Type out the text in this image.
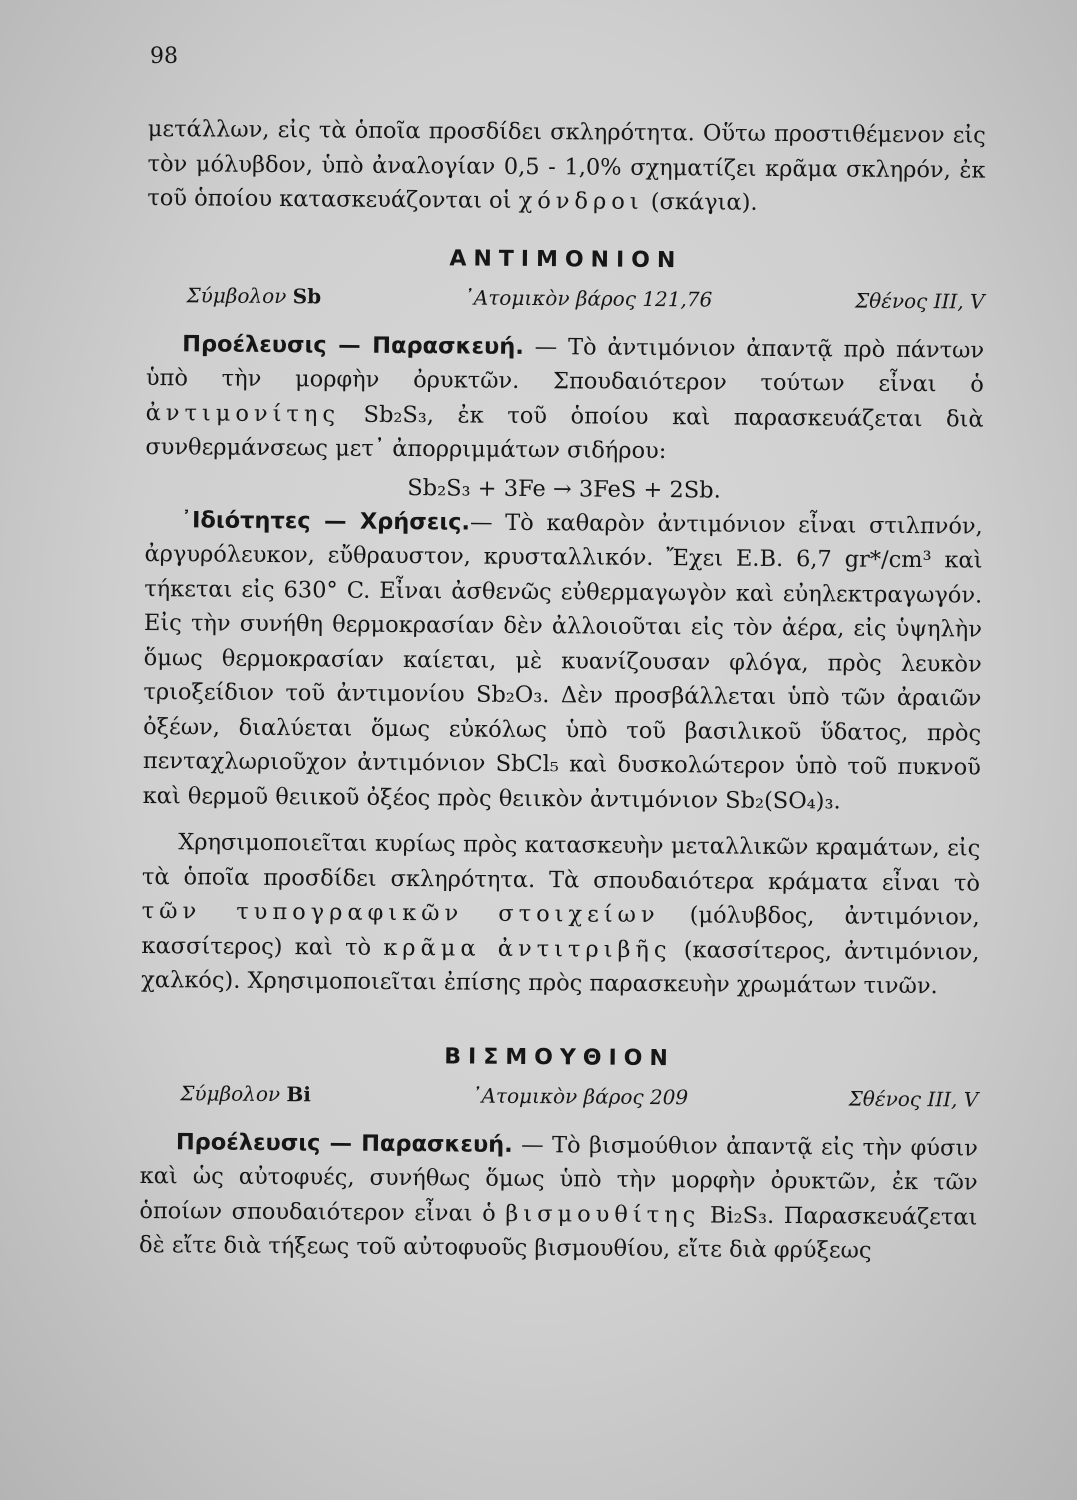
98

μετάλλων, εἰς τὰ ὁποῖα προσδίδει σκληρότητα. Οὕτω προστιθέμενον εἰς τὸν μόλυβδον, ὑπὸ ἀναλογίαν 0,5 - 1,0% σχηματίζει κρᾶμα σκληρόν, ἐκ τοῦ ὁποίου κατασκευάζονται οἱ χόνδροι (σκάγια).

ΑΝΤΙΜΟΝΙΟΝ
Σύμβολον Sb	᾿Ατομικὸν βάρος 121,76	Σθένος III, V

Προέλευσις — Παρασκευή. — Τὸ ἀντιμόνιον ἀπαντᾷ πρὸ πάντων ὑπὸ τὴν μορφὴν ὀρυκτῶν. Σπουδαιότερον τούτων εἶναι ὁ ἀντιμονίτης Sb₂S₃, ἐκ τοῦ ὁποίου καὶ παρασκευάζεται διὰ συνθερμάνσεως μετ᾽ ἀπορριμμάτων σιδήρου:

Sb₂S₃ + 3Fe → 3FeS + 2Sb.

᾿Ιδιότητες — Χρήσεις.— Τὸ καθαρὸν ἀντιμόνιον εἶναι στιλπνόν, ἀργυρόλευκον, εὔθραυστον, κρυσταλλικόν. Ἔχει Ε.Β. 6,7 gr*/cm³ καὶ τήκεται εἰς 630° C. Εἶναι ἀσθενῶς εὐθερμαγωγὸν καὶ εὐηλεκτραγωγόν. Εἰς τὴν συνήθη θερμοκρασίαν δὲν ἀλλοιοῦται εἰς τὸν ἀέρα, εἰς ὑψηλὴν ὅμως θερμοκρασίαν καίεται, μὲ κυανίζουσαν φλόγα, πρὸς λευκὸν τριοξείδιον τοῦ ἀντιμονίου Sb₂O₃. Δὲν προσβάλλεται ὑπὸ τῶν ἀραιῶν ὀξέων, διαλύεται ὅμως εὐκόλως ὑπὸ τοῦ βασιλικοῦ ὕδατος, πρὸς πενταχλωριοῦχον ἀντιμόνιον SbCl₅ καὶ δυσκολώτερον ὑπὸ τοῦ πυκνοῦ καὶ θερμοῦ θειικοῦ ὀξέος πρὸς θειικὸν ἀντιμόνιον Sb₂(SO₄)₃.

Χρησιμοποιεῖται κυρίως πρὸς κατασκευὴν μεταλλικῶν κραμάτων, εἰς τὰ ὁποῖα προσδίδει σκληρότητα. Τὰ σπουδαιότερα κράματα εἶναι τὸ τῶν τυπογραφικῶν στοιχείων (μόλυβδος, ἀντιμόνιον, κασσίτερος) καὶ τὸ κρᾶμα ἀντιτριβῆς (κασσίτερος, ἀντιμόνιον, χαλκός). Χρησιμοποιεῖται ἐπίσης πρὸς παρασκευὴν χρωμάτων τινῶν.

ΒΙΣΜΟΥΘΙΟΝ
Σύμβολον Bi	᾿Ατομικὸν βάρος 209	Σθένος III, V

Προέλευσις — Παρασκευή. — Τὸ βισμούθιον ἀπαντᾷ εἰς τὴν φύσιν καὶ ὡς αὐτοφυές, συνήθως ὅμως ὑπὸ τὴν μορφὴν ὀρυκτῶν, ἐκ τῶν ὁποίων σπουδαιότερον εἶναι ὁ βισμουθίτης Bi₂S₃. Παρασκευάζεται δὲ εἴτε διὰ τήξεως τοῦ αὐτοφυοῦς βισμουθίου, εἴτε διὰ φρύξεως
